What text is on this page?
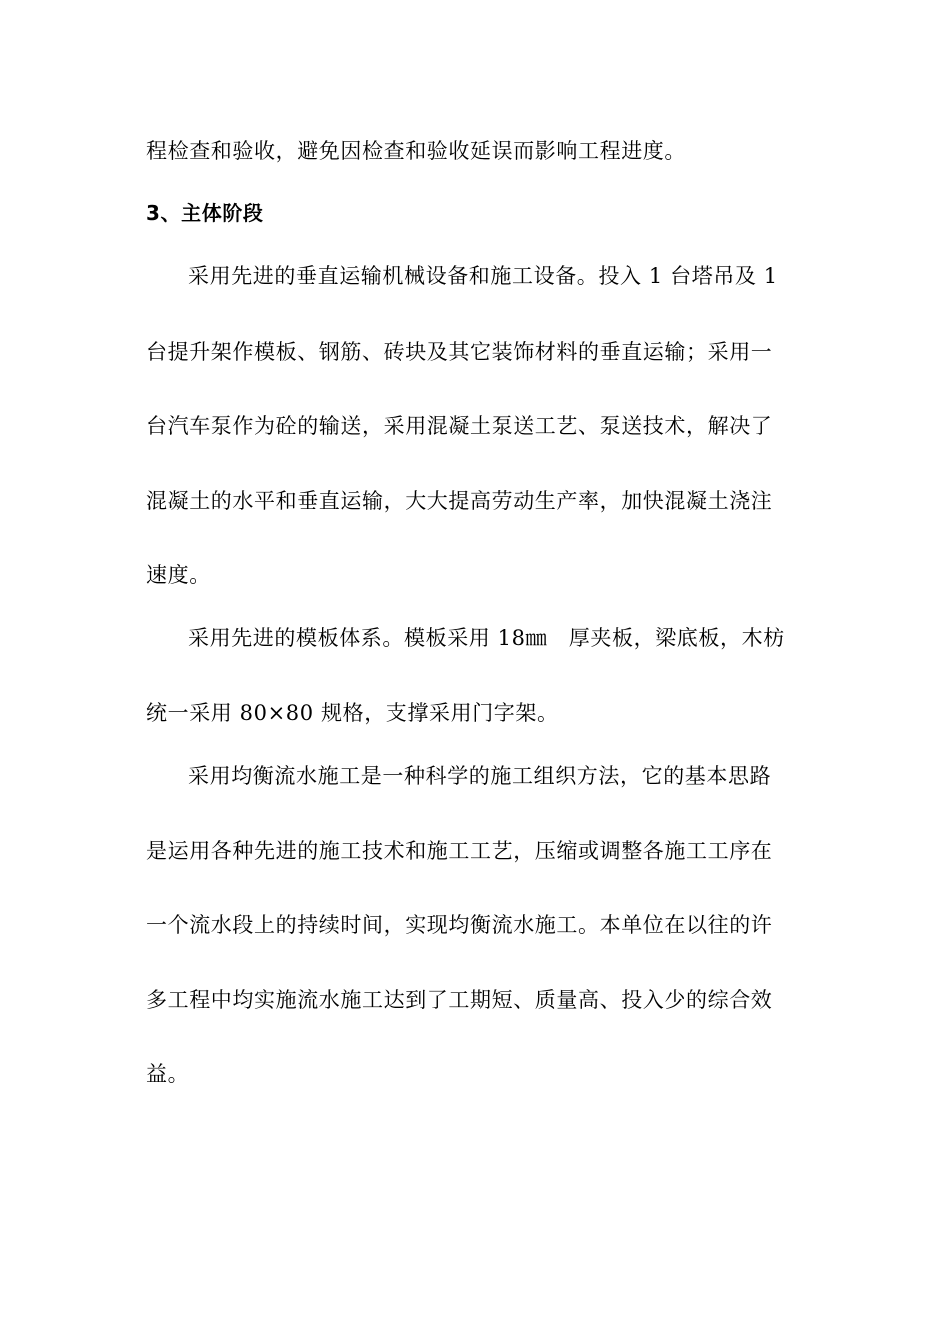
程检查和验收，避免因检查和验收延误而影响工程进度。
3、主体阶段
采用先进的垂直运输机械设备和施工设备。投入 1 台塔吊及 1
台提升架作模板、钢筋、砖块及其它装饰材料的垂直运输；采用一
台汽车泵作为砼的输送，采用混凝土泵送工艺、泵送技术，解决了
混凝土的水平和垂直运输，大大提高劳动生产率，加快混凝土浇注
速度。
采用先进的模板体系。模板采用 18㎜　厚夹板，梁底板，木枋
统一采用 80×80 规格，支撑采用门字架。
采用均衡流水施工是一种科学的施工组织方法，它的基本思路
是运用各种先进的施工技术和施工工艺，压缩或调整各施工工序在
一个流水段上的持续时间，实现均衡流水施工。本单位在以往的许
多工程中均实施流水施工达到了工期短、质量高、投入少的综合效
益。
